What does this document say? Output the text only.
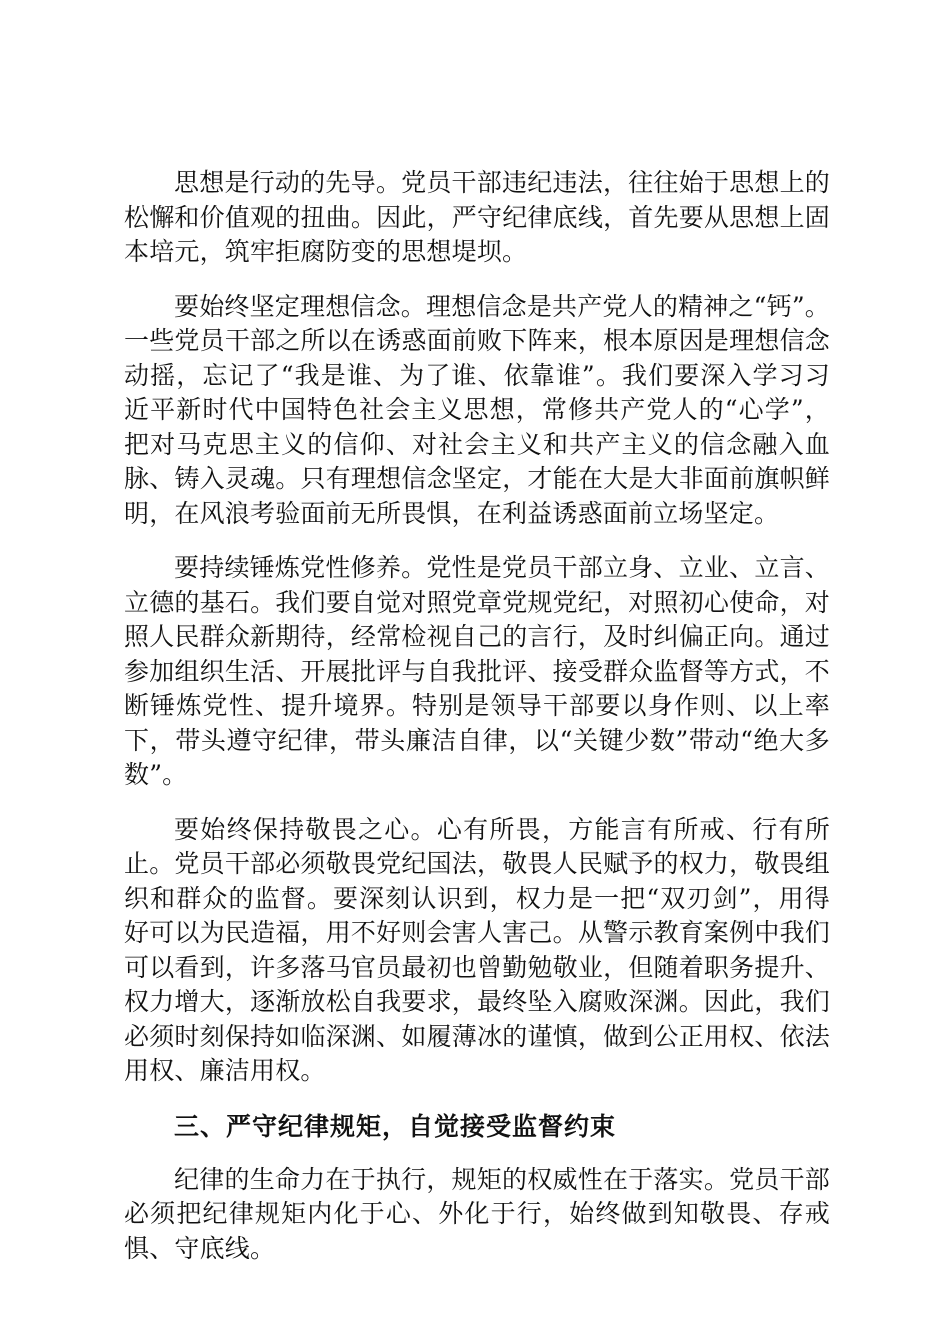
思想是行动的先导。党员干部违纪违法，往往始于思想上的松懈和价值观的扭曲。因此，严守纪律底线，首先要从思想上固本培元，筑牢拒腐防变的思想堤坝。

要始终坚定理想信念。理想信念是共产党人的精神之“钙”。一些党员干部之所以在诱惑面前败下阵来，根本原因是理想信念动摇，忘记了“我是谁、为了谁、依靠谁”。我们要深入学习习近平新时代中国特色社会主义思想，常修共产党人的“心学”，把对马克思主义的信仰、对社会主义和共产主义的信念融入血脉、铸入灵魂。只有理想信念坚定，才能在大是大非面前旗帜鲜明，在风浪考验面前无所畏惧，在利益诱惑面前立场坚定。

要持续锤炼党性修养。党性是党员干部立身、立业、立言、立德的基石。我们要自觉对照党章党规党纪，对照初心使命，对照人民群众新期待，经常检视自己的言行，及时纠偏正向。通过参加组织生活、开展批评与自我批评、接受群众监督等方式，不断锤炼党性、提升境界。特别是领导干部要以身作则、以上率下，带头遵守纪律，带头廉洁自律，以“关键少数”带动“绝大多数”。

要始终保持敬畏之心。心有所畏，方能言有所戒、行有所止。党员干部必须敬畏党纪国法，敬畏人民赋予的权力，敬畏组织和群众的监督。要深刻认识到，权力是一把“双刃剑”，用得好可以为民造福，用不好则会害人害己。从警示教育案例中我们可以看到，许多落马官员最初也曾勤勉敬业，但随着职务提升、权力增大，逐渐放松自我要求，最终坠入腐败深渊。因此，我们必须时刻保持如临深渊、如履薄冰的谨慎，做到公正用权、依法用权、廉洁用权。

三、严守纪律规矩，自觉接受监督约束

纪律的生命力在于执行，规矩的权威性在于落实。党员干部必须把纪律规矩内化于心、外化于行，始终做到知敬畏、存戒惧、守底线。
